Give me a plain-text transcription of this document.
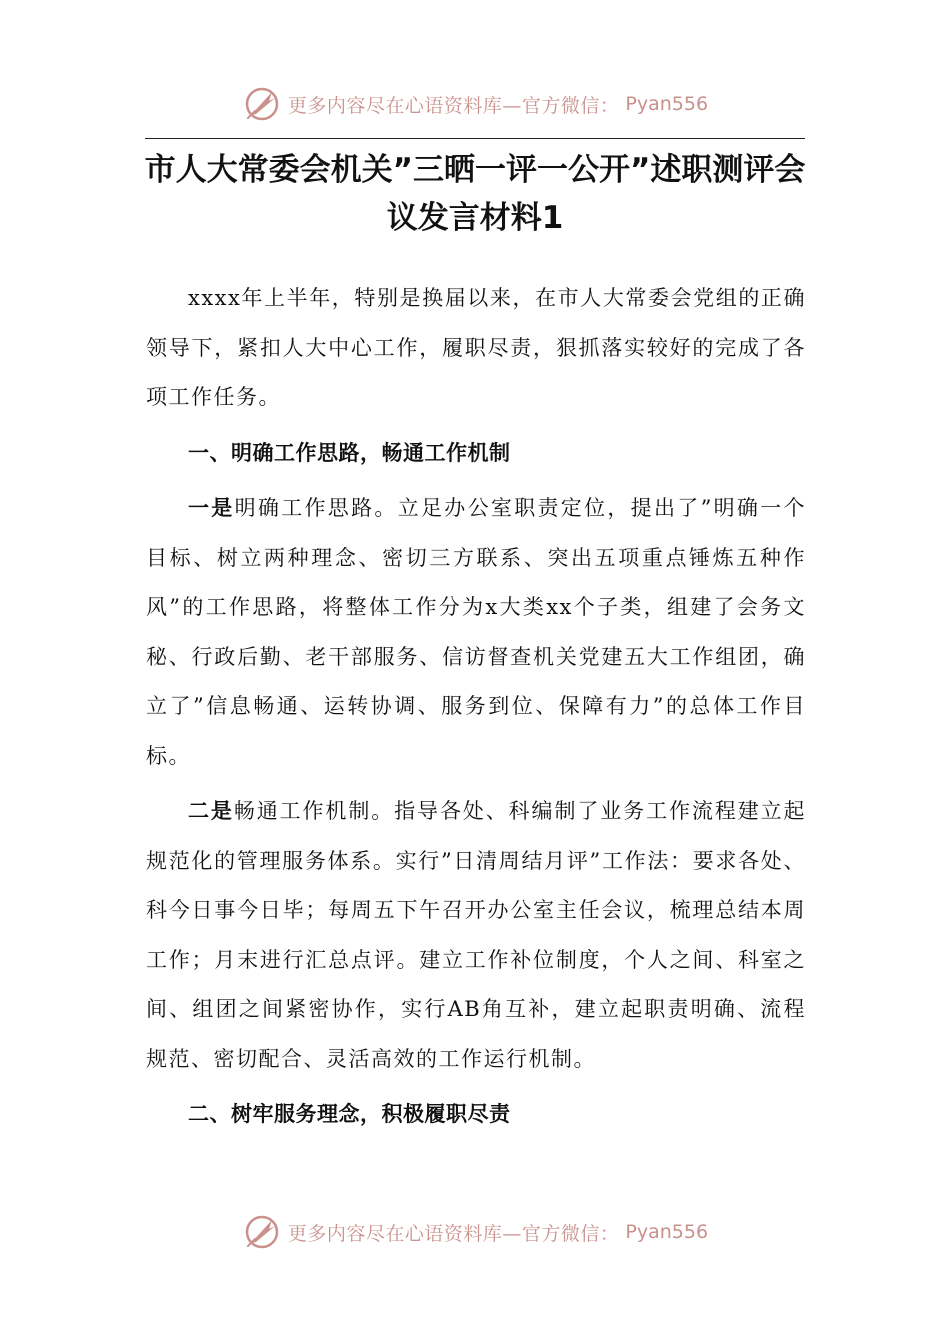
更多内容尽在心语资料库—官方微信： Pyan556
市人大常委会机关”三晒一评一公开”述职测评会议发言材料1

xxxx年上半年，特别是换届以来，在市人大常委会党组的正确领导下，紧扣人大中心工作，履职尽责，狠抓落实较好的完成了各项工作任务。

一、明确工作思路，畅通工作机制

一是明确工作思路。立足办公室职责定位，提出了”明确一个目标、树立两种理念、密切三方联系、突出五项重点锤炼五种作风”的工作思路，将整体工作分为x大类xx个子类，组建了会务文秘、行政后勤、老干部服务、信访督查机关党建五大工作组团，确立了”信息畅通、运转协调、服务到位、保障有力”的总体工作目标。

二是畅通工作机制。指导各处、科编制了业务工作流程建立起规范化的管理服务体系。实行”日清周结月评”工作法：要求各处、科今日事今日毕；每周五下午召开办公室主任会议，梳理总结本周工作；月末进行汇总点评。建立工作补位制度，个人之间、科室之间、组团之间紧密协作，实行AB角互补，建立起职责明确、流程规范、密切配合、灵活高效的工作运行机制。

二、树牢服务理念，积极履职尽责

更多内容尽在心语资料库—官方微信： Pyan556
